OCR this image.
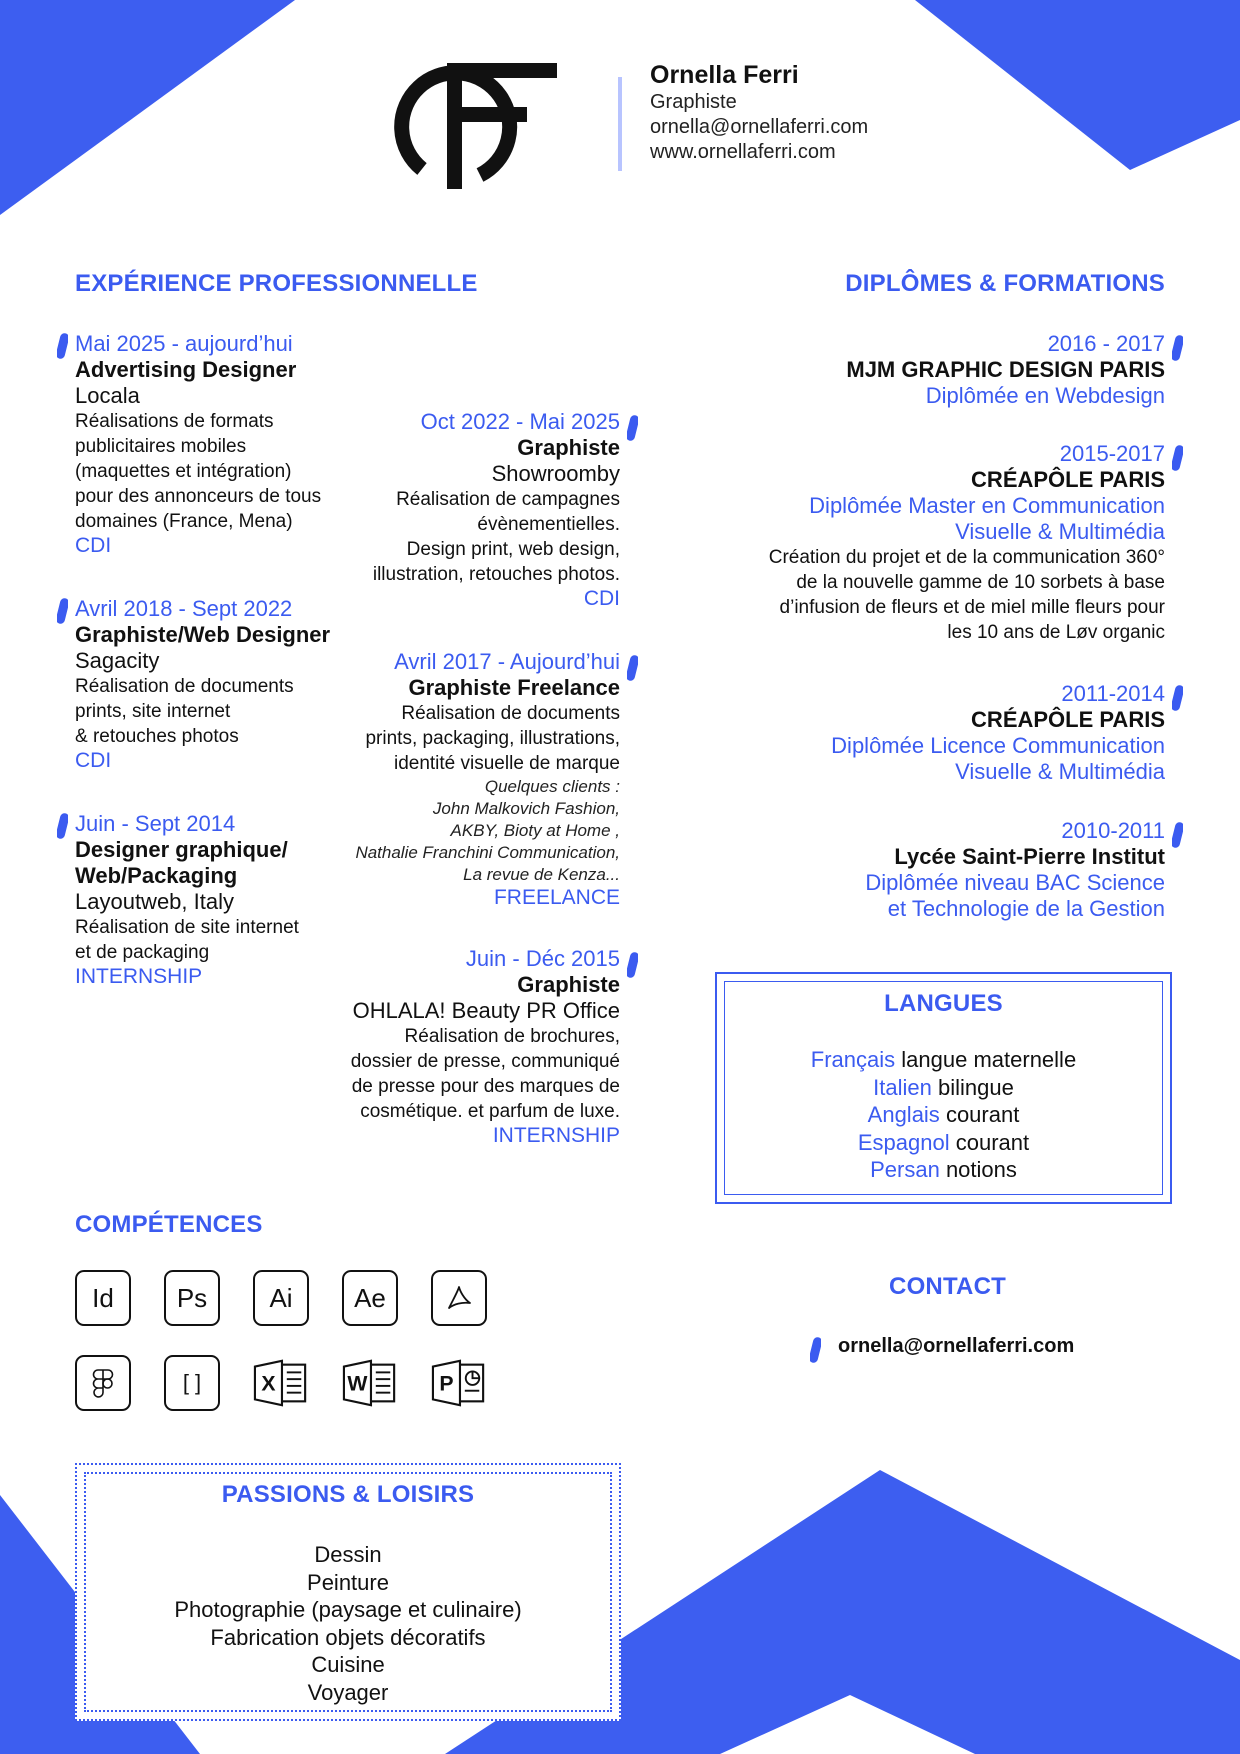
Ornella Ferri
Graphiste
ornella@ornellaferri.com
www.ornellaferri.com
EXPÉRIENCE PROFESSIONNELLE	DIPLÔMES & FORMATIONS
Mai 2025 - aujourd’hui
Advertising Designer
Locala
Réalisations de formats
publicitaires mobiles
(maquettes et intégration)
pour des annonceurs de tous
domaines (France, Mena)
CDI
Avril 2018 - Sept 2022
Graphiste/Web Designer
Sagacity
Réalisation de documents
prints, site internet
& retouches photos
CDI
Juin - Sept 2014
Designer graphique/
Web/Packaging
Layoutweb, Italy
Réalisation de site internet
et de packaging
INTERNSHIP
Oct 2022 - Mai 2025
Graphiste
Showroomby
Réalisation de campagnes
évènementielles.
Design print, web design,
illustration, retouches photos.
CDI
Avril 2017 - Aujourd’hui
Graphiste Freelance
Réalisation de documents
prints, packaging, illustrations,
identité visuelle de marque
Quelques clients :
John Malkovich Fashion,
AKBY, Bioty at Home ,
Nathalie Franchini Communication,
La revue de Kenza...
FREELANCE
Juin - Déc 2015
Graphiste
OHLALA! Beauty PR Office
Réalisation de brochures,
dossier de presse, communiqué
de presse pour des marques de
cosmétique. et parfum de luxe.
INTERNSHIP
2016 - 2017
MJM GRAPHIC DESIGN PARIS
Diplômée en Webdesign
2015-2017
CRÉAPÔLE PARIS
Diplômée Master en Communication
Visuelle & Multimédia
Création du projet et de la communication 360°
de la nouvelle gamme de 10 sorbets à base
d’infusion de fleurs et de miel mille fleurs pour
les 10 ans de Løv organic
2011-2014
CRÉAPÔLE PARIS
Diplômée Licence Communication
Visuelle & Multimédia
2010-2011
Lycée Saint-Pierre Institut
Diplômée niveau BAC Science
et Technologie de la Gestion
LANGUES
Français langue maternelle
Italien bilingue
Anglais courant
Espagnol courant
Persan notions
COMPÉTENCES
Id Ps Ai Ae
[ ]	X	W	P
CONTACT
ornella@ornellaferri.com
PASSIONS & LOISIRS
Dessin
Peinture
Photographie (paysage et culinaire)
Fabrication objets décoratifs
Cuisine
Voyager
